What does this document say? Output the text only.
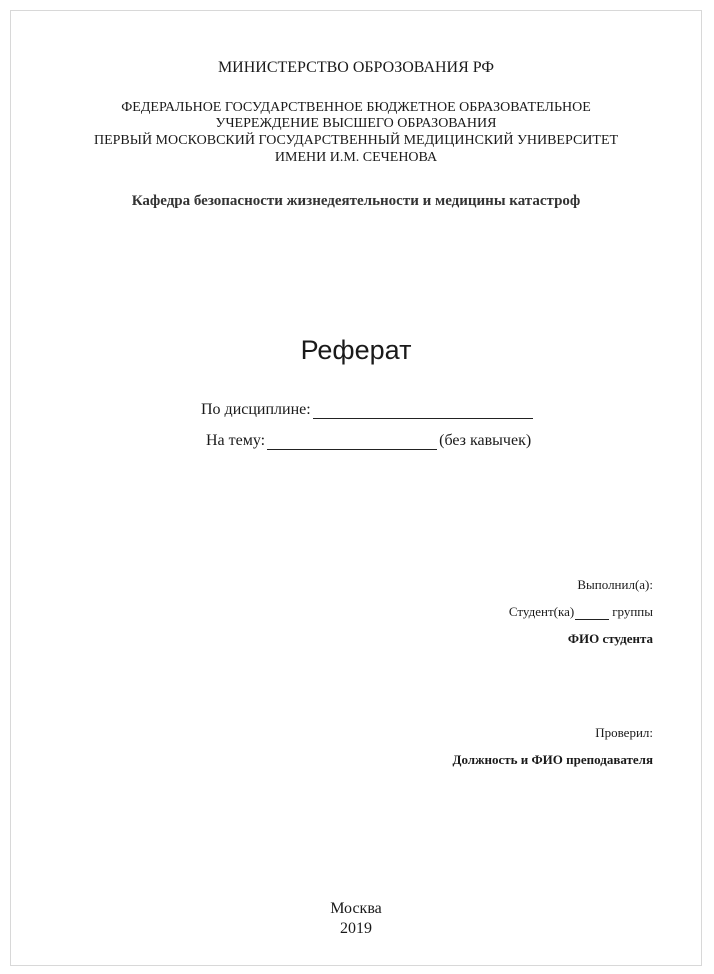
МИНИСТЕРСТВО ОБРОЗОВАНИЯ РФ
ФЕДЕРАЛЬНОЕ ГОСУДАРСТВЕННОЕ БЮДЖЕТНОЕ ОБРАЗОВАТЕЛЬНОЕ
УЧЕРЕЖДЕНИЕ ВЫСШЕГО ОБРАЗОВАНИЯ
ПЕРВЫЙ МОСКОВСКИЙ ГОСУДАРСТВЕННЫЙ МЕДИЦИНСКИЙ УНИВЕРСИТЕТ
ИМЕНИ И.М. СЕЧЕНОВА
Кафедра безопасности жизнедеятельности и медицины катастроф
Реферат
По дисциплине:
На тему:	(без кавычек)
Выполнил(а):
Студент(ка)	группы
ФИО студента
Проверил:
Должность и ФИО преподавателя
Москва
2019
